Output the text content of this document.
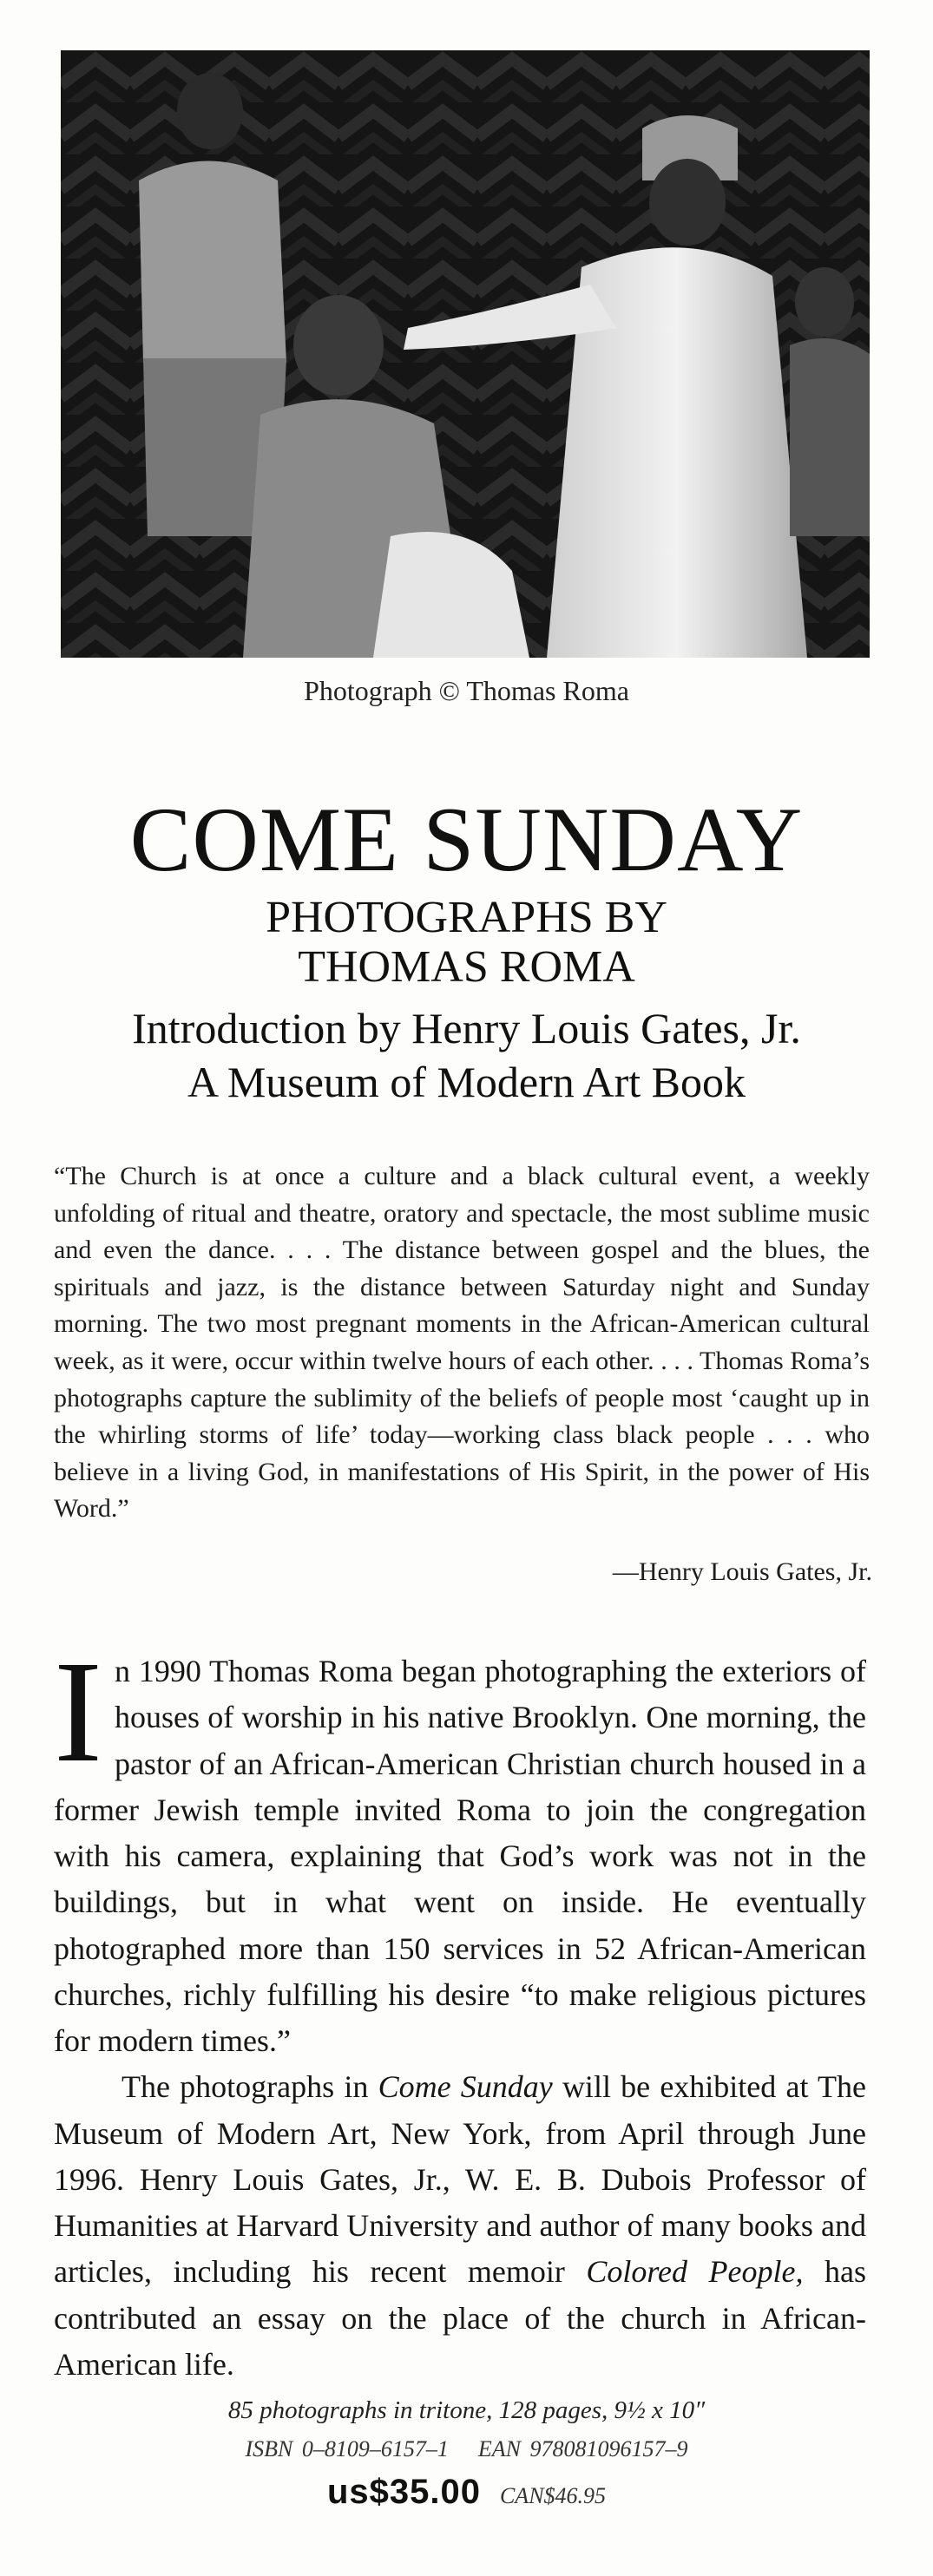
Photograph © Thomas Roma
COME SUNDAY
PHOTOGRAPHS BY
THOMAS ROMA
Introduction by Henry Louis Gates, Jr.
A Museum of Modern Art Book
“The Church is at once a culture and a black cultural event, a weekly unfolding of ritual and theatre, oratory and spectacle, the most sublime music and even the dance. . . . The distance between gospel and the blues, the spirituals and jazz, is the distance between Saturday night and Sunday morning. The two most pregnant moments in the African-American cultural week, as it were, occur within twelve hours of each other. . . . Thomas Roma’s photographs capture the sublimity of the beliefs of people most ‘caught up in the whirling storms of life’ today—working class black people . . . who believe in a living God, in manifestations of His Spirit, in the power of His Word.”
—Henry Louis Gates, Jr.

In 1990 Thomas Roma began photographing the exteriors of houses of worship in his native Brooklyn. One morning, the pastor of an African-American Christian church housed in a former Jewish temple invited Roma to join the congregation with his camera, explaining that God’s work was not in the buildings, but in what went on inside. He eventually photographed more than 150 services in 52 African-American churches, richly fulfilling his desire “to make religious pictures for modern times.”

The photographs in Come Sunday will be exhibited at The Museum of Modern Art, New York, from April through June 1996. Henry Louis Gates, Jr., W. E. B. Dubois Professor of Humanities at Harvard University and author of many books and articles, including his recent memoir Colored People, has contributed an essay on the place of the church in African-American life.

85 photographs in tritone, 128 pages, 9½ x 10″
ISBN 0–8109–6157–1 EAN 978081096157–9
us$35.00 CAN$46.95
